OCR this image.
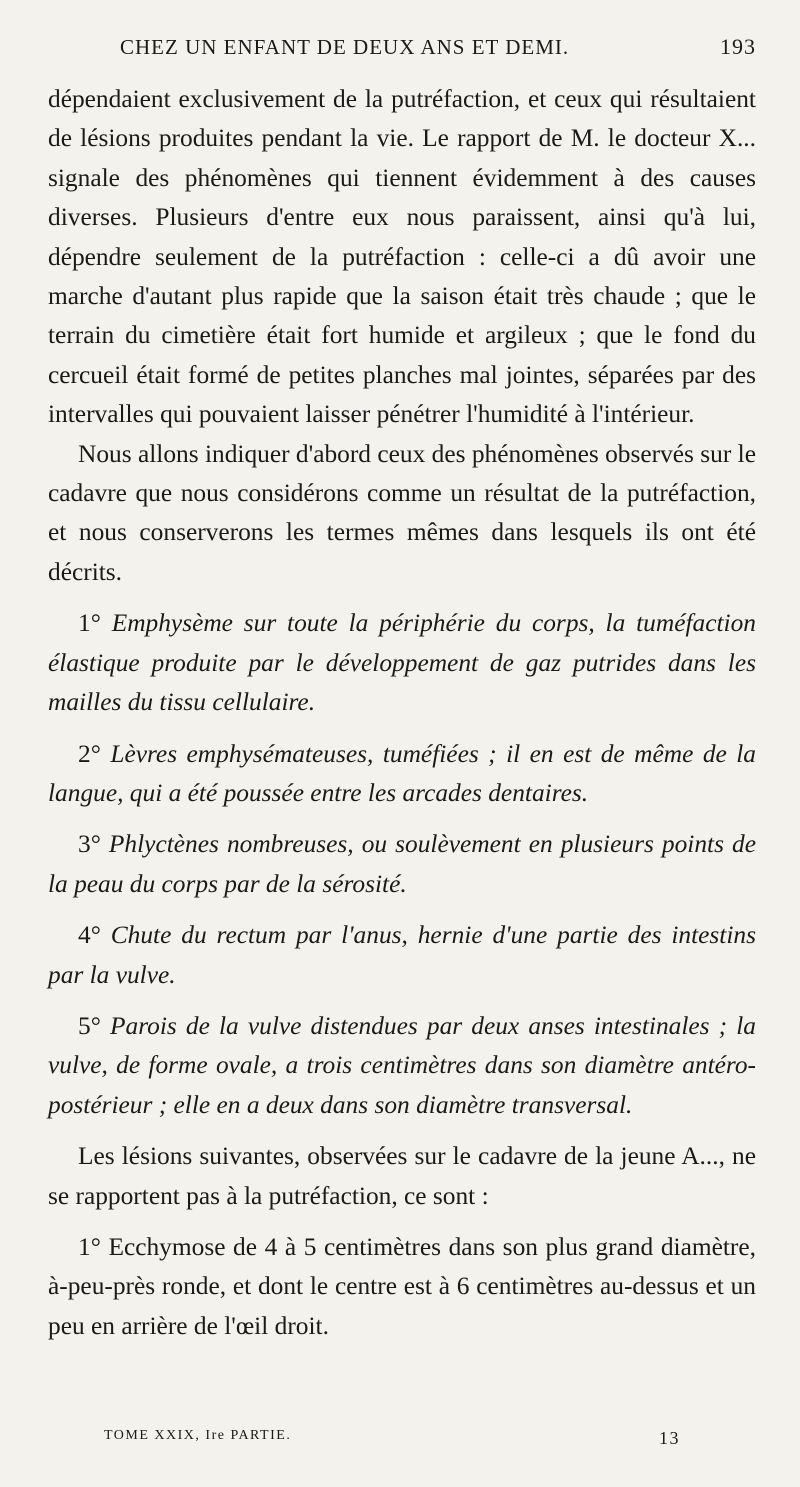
CHEZ UN ENFANT DE DEUX ANS ET DEMI.	193

dépendaient exclusivement de la putréfaction, et ceux qui résultaient de lésions produites pendant la vie. Le rapport de M. le docteur X... signale des phénomènes qui tiennent évidemment à des causes diverses. Plusieurs d'entre eux nous paraissent, ainsi qu'à lui, dépendre seulement de la putréfaction : celle-ci a dû avoir une marche d'autant plus rapide que la saison était très chaude ; que le terrain du cimetière était fort humide et argileux ; que le fond du cercueil était formé de petites planches mal jointes, séparées par des intervalles qui pouvaient laisser pénétrer l'humidité à l'intérieur.

Nous allons indiquer d'abord ceux des phénomènes observés sur le cadavre que nous considérons comme un résultat de la putréfaction, et nous conserverons les termes mêmes dans lesquels ils ont été décrits.

1° Emphysème sur toute la périphérie du corps, la tuméfaction élastique produite par le développement de gaz putrides dans les mailles du tissu cellulaire.

2° Lèvres emphysémateuses, tuméfiées ; il en est de même de la langue, qui a été poussée entre les arcades dentaires.

3° Phlyctènes nombreuses, ou soulèvement en plusieurs points de la peau du corps par de la sérosité.

4° Chute du rectum par l'anus, hernie d'une partie des intestins par la vulve.

5° Parois de la vulve distendues par deux anses intestinales ; la vulve, de forme ovale, a trois centimètres dans son diamètre antéro-postérieur ; elle en a deux dans son diamètre transversal.

Les lésions suivantes, observées sur le cadavre de la jeune A..., ne se rapportent pas à la putréfaction, ce sont :

1° Ecchymose de 4 à 5 centimètres dans son plus grand diamètre, à-peu-près ronde, et dont le centre est à 6 centimètres au-dessus et un peu en arrière de l'œil droit.

TOME XXIX, Ire PARTIE.	13
